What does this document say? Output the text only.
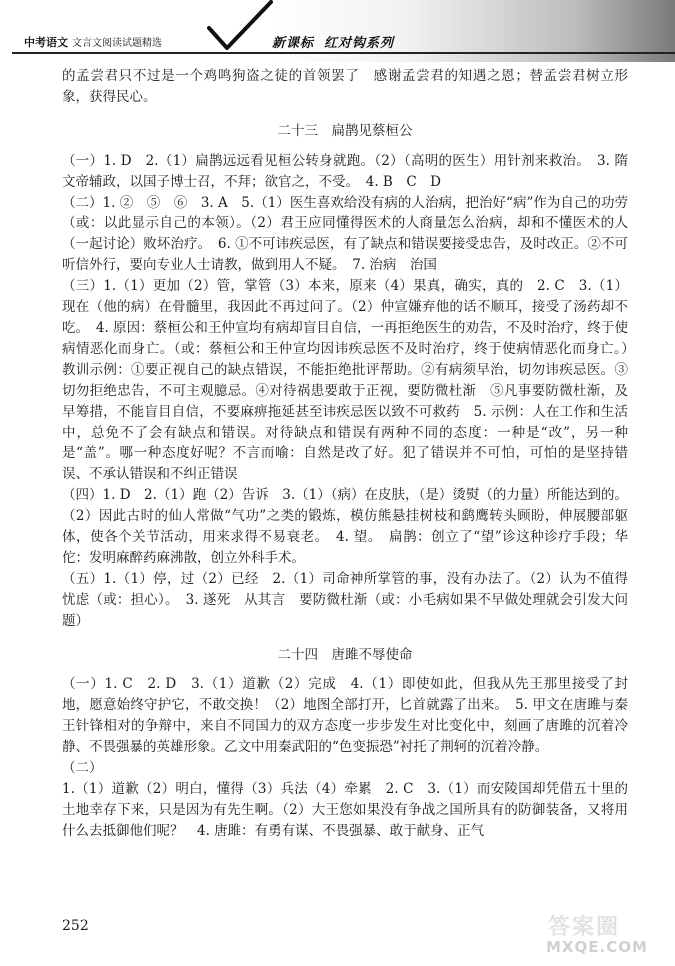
中考语文 文言文阅读试题精选	新课标 红对钩系列

的孟尝君只不过是一个鸡鸣狗盗之徒的首领罢了　感谢孟尝君的知遇之恩；替孟尝君树立形象，获得民心。

二十三　扁鹊见蔡桓公

（一）1. D　2.（1）扁鹊远远看见桓公转身就跑。（2）（高明的医生）用针剂来救治。　3. 隋文帝辅政，以国子博士召，不拜；欲官之，不受。　4. B　C　D

（二）1. ②　⑤　⑥　3. A　5.（1）医生喜欢给没有病的人治病，把治好“病”作为自己的功劳（或：以此显示自己的本领）。（2）君王应同懂得医术的人商量怎么治病，却和不懂医术的人（一起讨论）败坏治疗。　6. ①不可讳疾忌医，有了缺点和错误要接受忠告，及时改正。②不可听信外行，要向专业人士请教，做到用人不疑。　7. 治病　治国

（三）1.（1）更加（2）管，掌管（3）本来，原来（4）果真，确实，真的　2. C　3.（1）现在（他的病）在骨髓里，我因此不再过问了。（2）仲宣嫌弃他的话不顺耳，接受了汤药却不吃。　4. 原因：蔡桓公和王仲宣均有病却盲目自信，一再拒绝医生的劝告，不及时治疗，终于使病情恶化而身亡。（或：蔡桓公和王仲宣均因讳疾忌医不及时治疗，终于使病情恶化而身亡。）　教训示例：①要正视自己的缺点错误，不能拒绝批评帮助。②有病须早治，切勿讳疾忌医。③切勿拒绝忠告，不可主观臆忌。④对待祸患要敢于正视，要防微杜渐　⑤凡事要防微杜渐，及早筹措，不能盲目自信，不要麻痹拖延甚至讳疾忌医以致不可救药　5. 示例：人在工作和生活中，总免不了会有缺点和错误。对待缺点和错误有两种不同的态度：一种是“改”，另一种是“盖”。哪一种态度好呢？不言而喻：自然是改了好。犯了错误并不可怕，可怕的是坚持错误、不承认错误和不纠正错误

（四）1. D　2.（1）跑（2）告诉　3.（1）（病）在皮肤，（是）烫熨（的力量）所能达到的。（2）因此古时的仙人常做“气功”之类的锻炼，模仿熊悬挂树枝和鹞鹰转头顾盼，伸展腰部躯体，使各个关节活动，用来求得不易衰老。　4. 望。　扁鹊：创立了“望”诊这种诊疗手段；华佗：发明麻醉药麻沸散，创立外科手术。

（五）1.（1）停，过（2）已经　2.（1）司命神所掌管的事，没有办法了。（2）认为不值得忧虑（或：担心）。　3. 遂死　从其言　要防微杜渐（或：小毛病如果不早做处理就会引发大问题）

二十四　唐雎不辱使命

（一）1. C　2. D　3.（1）道歉（2）完成　4.（1）即使如此，但我从先王那里接受了封地，愿意始终守护它，不敢交换！（2）地图全部打开，匕首就露了出来。　5. 甲文在唐雎与秦王针锋相对的争辩中，来自不同国力的双方态度一步步发生对比变化中，刻画了唐雎的沉着冷静、不畏强暴的英雄形象。乙文中用秦武阳的“色变振恐”衬托了荆轲的沉着冷静。

（二）

1.（1）道歉（2）明白，懂得（3）兵法（4）牵累　2. C　3.（1）而安陵国却凭借五十里的土地幸存下来，只是因为有先生啊。（2）大王您如果没有争战之国所具有的防御装备，又将用什么去抵御他们呢？　4. 唐雎：有勇有谋、不畏强暴、敢于献身、正气

252	答案圈
MXQE.COM
